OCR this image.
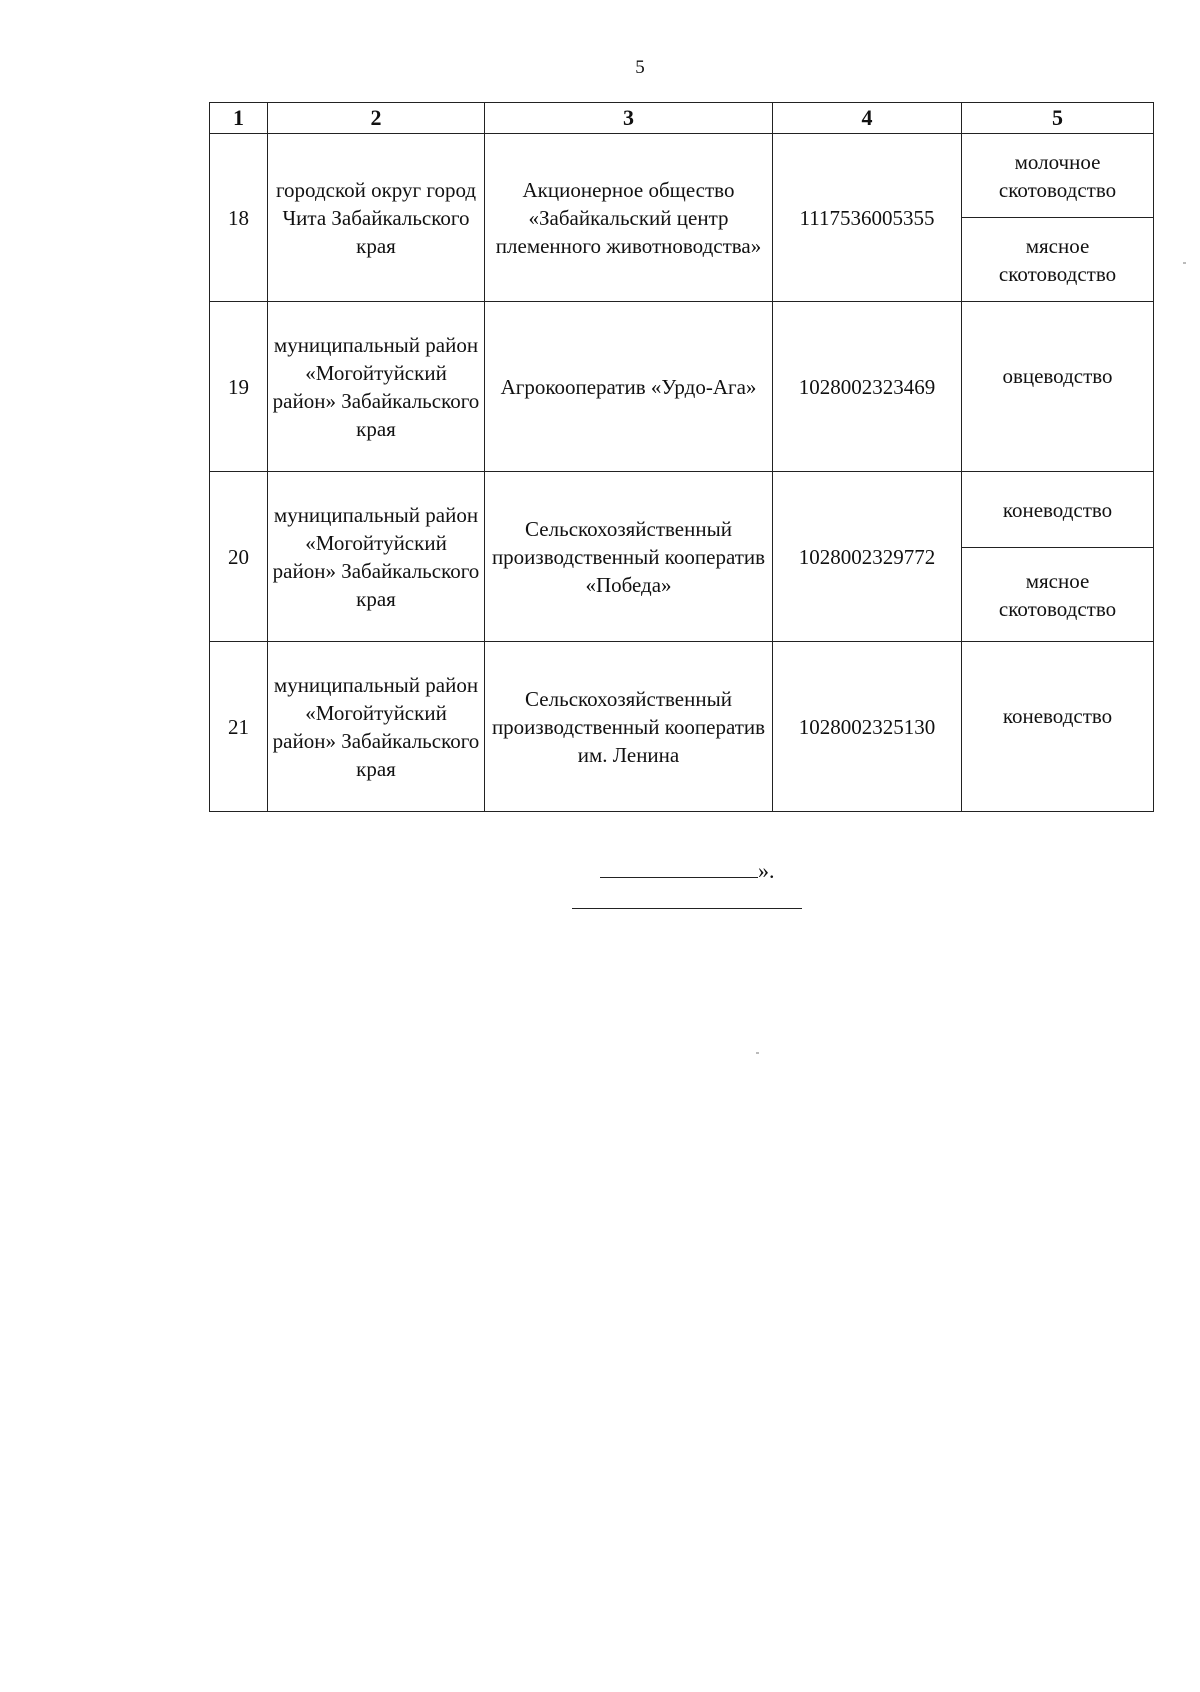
5
1	2	3	4	5
18	городской округ город Чита Забайкальского края	Акционерное общество «Забайкальский центр племенного животноводства»	1117536005355	молочное скотоводство
				мясное скотоводство
19	муниципальный район «Могойтуйский район» Забайкальского края	Агрокооператив «Урдо-Ага»	1028002323469	овцеводство
20	муниципальный район «Могойтуйский район» Забайкальского края	Сельскохозяйственный производственный кооператив «Победа»	1028002329772	коневодство
				мясное скотоводство
21	муниципальный район «Могойтуйский район» Забайкальского края	Сельскохозяйственный производственный кооператив им. Ленина	1028002325130	коневодство
».
